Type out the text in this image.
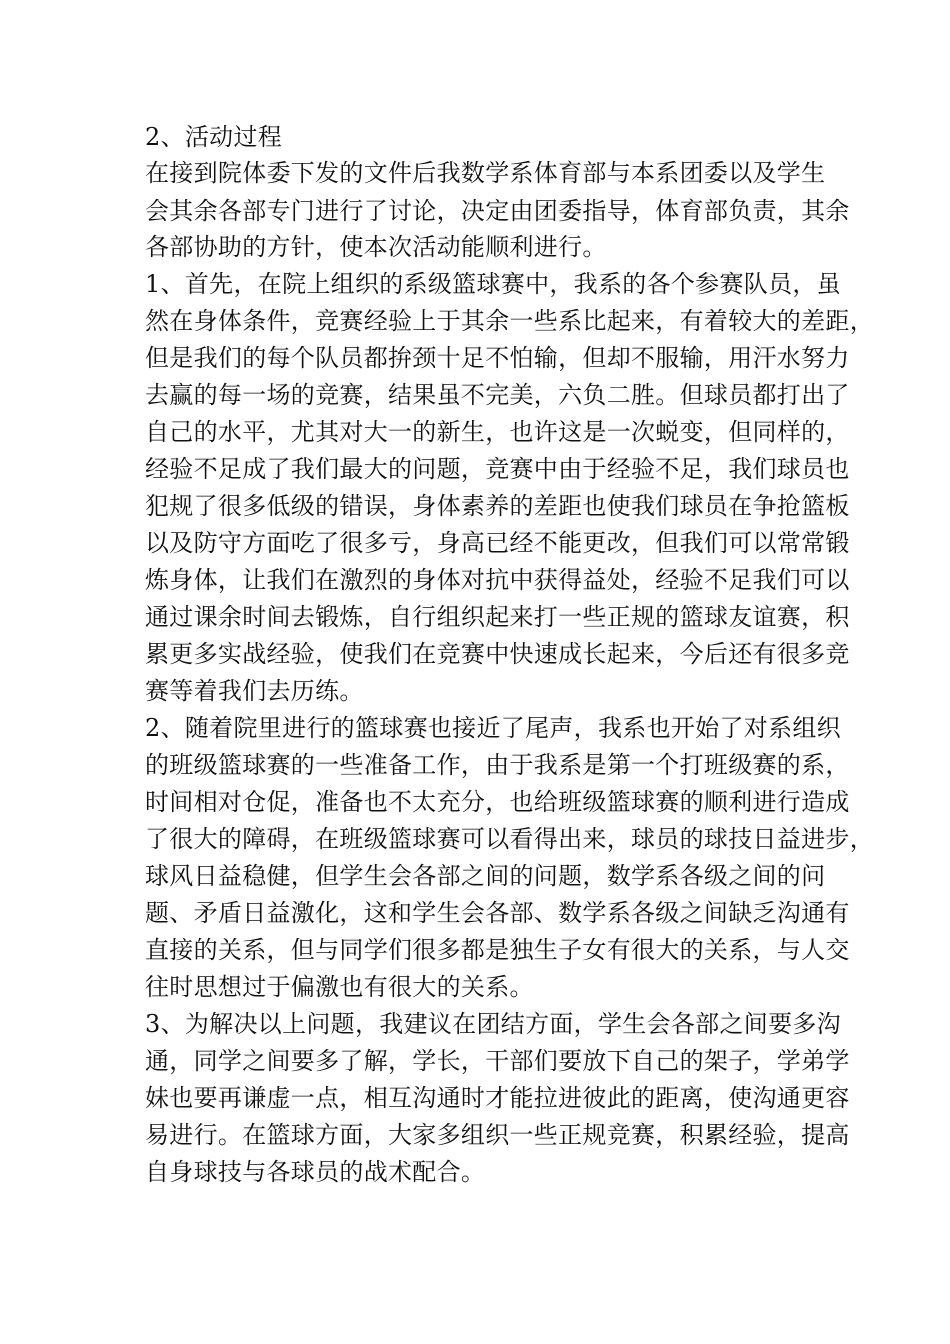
2、活动过程
在接到院体委下发的文件后我数学系体育部与本系团委以及学生
会其余各部专门进行了讨论，决定由团委指导，体育部负责，其余
各部协助的方针，使本次活动能顺利进行。
1、首先，在院上组织的系级篮球赛中，我系的各个参赛队员，虽
然在身体条件，竞赛经验上于其余一些系比起来，有着较大的差距，
但是我们的每个队员都拚颈十足不怕输，但却不服输，用汗水努力
去赢的每一场的竞赛，结果虽不完美，六负二胜。但球员都打出了
自己的水平，尤其对大一的新生，也许这是一次蜕变，但同样的，
经验不足成了我们最大的问题，竞赛中由于经验不足，我们球员也
犯规了很多低级的错误，身体素养的差距也使我们球员在争抢篮板
以及防守方面吃了很多亏，身高已经不能更改，但我们可以常常锻
炼身体，让我们在激烈的身体对抗中获得益处，经验不足我们可以
通过课余时间去锻炼，自行组织起来打一些正规的篮球友谊赛，积
累更多实战经验，使我们在竞赛中快速成长起来，今后还有很多竞
赛等着我们去历练。
2、随着院里进行的篮球赛也接近了尾声，我系也开始了对系组织
的班级篮球赛的一些准备工作，由于我系是第一个打班级赛的系，
时间相对仓促，准备也不太充分，也给班级篮球赛的顺利进行造成
了很大的障碍，在班级篮球赛可以看得出来，球员的球技日益进步，
球风日益稳健，但学生会各部之间的问题，数学系各级之间的问
题、矛盾日益激化，这和学生会各部、数学系各级之间缺乏沟通有
直接的关系，但与同学们很多都是独生子女有很大的关系，与人交
往时思想过于偏激也有很大的关系。
3、为解决以上问题，我建议在团结方面，学生会各部之间要多沟
通，同学之间要多了解，学长，干部们要放下自己的架子，学弟学
妹也要再谦虚一点，相互沟通时才能拉进彼此的距离，使沟通更容
易进行。在篮球方面，大家多组织一些正规竞赛，积累经验，提高
自身球技与各球员的战术配合。
